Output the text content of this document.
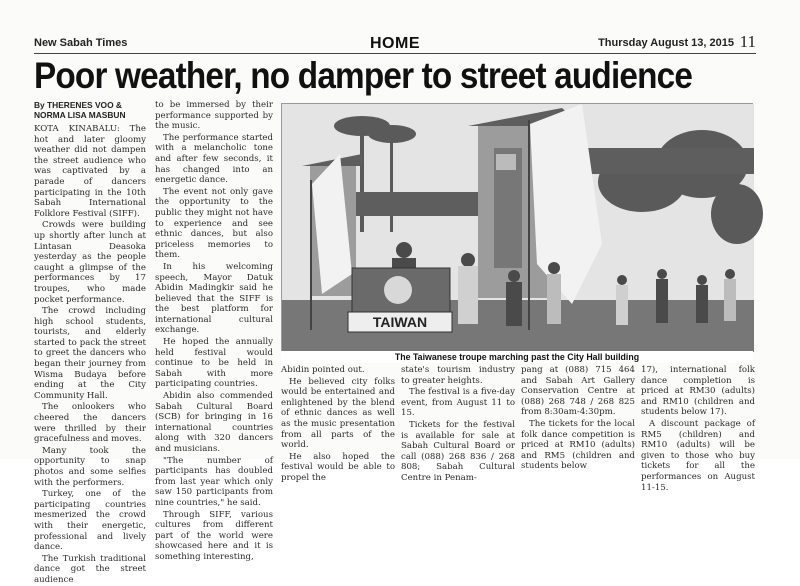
New Sabah Times	HOME	Thursday August 13, 2015 11
Poor weather, no damper to street audience
By THERENES VOO &
NORMA LISA MASBUN

KOTA KINABALU: The hot and later gloomy weather did not dampen the street audience who was captivated by a parade of dancers participating in the 10th Sabah International Folklore Festival (SIFF).

Crowds were building up shortly after lunch at Lintasan Deasoka yesterday as the people caught a glimpse of the performances by 17 troupes, who made pocket performance.

The crowd including high school students, tourists, and elderly started to pack the street to greet the dancers who began their journey from Wisma Budaya before ending at the City Community Hall.

The onlookers who cheered the dancers were thrilled by their gracefulness and moves.

Many took the opportunity to snap photos and some selfies with the performers.

Turkey, one of the participating countries mesmerized the crowd with their energetic, professional and lively dance.

The Turkish traditional dance got the street audience

to be immersed by their performance supported by the music.

The performance started with a melancholic tone and after few seconds, it has changed into an energetic dance.

The event not only gave the opportunity to the public they might not have to experience and see ethnic dances, but also priceless memories to them.

In his welcoming speech, Mayor Datuk Abidin Madingkir said he believed that the SIFF is the best platform for international cultural exchange.

He hoped the annually held festival would continue to be held in Sabah with more participating countries.

Abidin also commended Sabah Cultural Board (SCB) for bringing in 16 international countries along with 320 dancers and musicians.

"The number of participants has doubled from last year which only saw 150 participants from nine countries," he said.

Through SIFF, various cultures from different part of the world were showcased here and it is something interesting,

TAIWAN
The Taiwanese troupe marching past the City Hall building

Abidin pointed out.

He believed city folks would be entertained and enlightened by the blend of ethnic dances as well as the music presentation from all parts of the world.

He also hoped the festival would be able to propel the

state's tourism industry to greater heights.

The festival is a five-day event, from August 11 to 15.

Tickets for the festival is available for sale at Sabah Cultural Board or call (088) 268 836 / 268 808; Sabah Cultural Centre in Penam-

pang at (088) 715 464 and Sabah Art Gallery Conservation Centre at (088) 268 748 / 268 825 from 8:30am-4:30pm.

The tickets for the local folk dance competition is priced at RM10 (adults) and RM5 (children and students below

17), international folk dance completion is priced at RM30 (adults) and RM10 (children and students below 17).

A discount package of RM5 (children) and RM10 (adults) will be given to those who buy tickets for all the performances on August 11-15.
